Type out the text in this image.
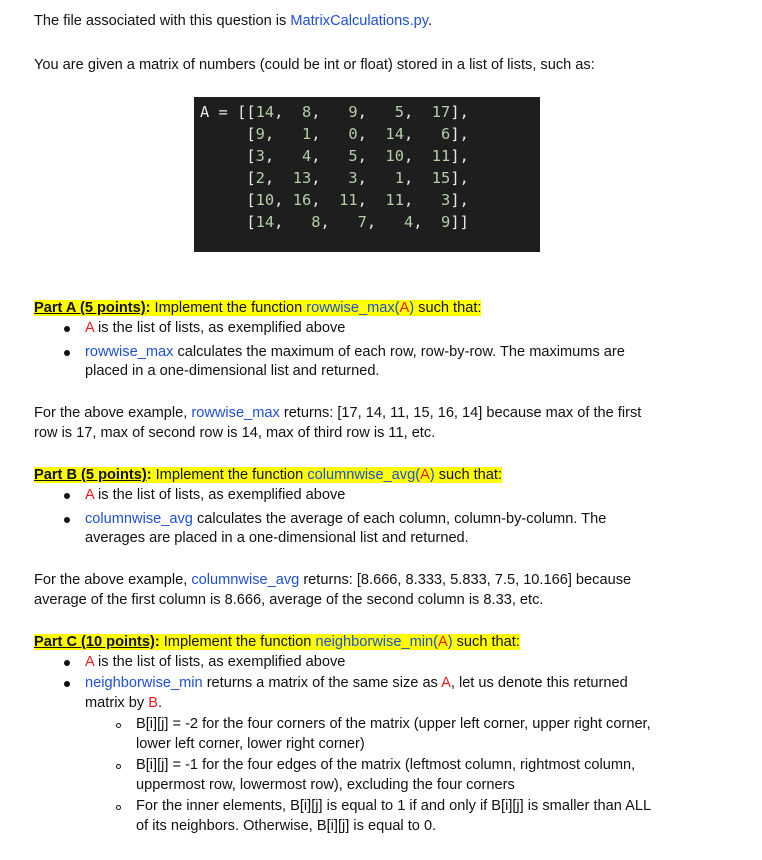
The file associated with this question is MatrixCalculations.py.
You are given a matrix of numbers (could be int or float) stored in a list of lists, such as:
A = [[14,  8,   9,   5,  17],
[9,   1,   0,  14,   6],
[3,   4,   5,  10,  11],
[2,  13,   3,   1,  15],
[10, 16,  11,  11,   3],
[14,   8,   7,   4,  9]]
Part A (5 points): Implement the function rowwise_max(A) such that:
A is the list of lists, as exemplified above
rowwise_max calculates the maximum of each row, row-by-row. The maximums are
placed in a one-dimensional list and returned.
For the above example, rowwise_max returns: [17, 14, 11, 15, 16, 14] because max of the first
row is 17, max of second row is 14, max of third row is 11, etc.
Part B (5 points): Implement the function columnwise_avg(A) such that:
A is the list of lists, as exemplified above
columnwise_avg calculates the average of each column, column-by-column. The
averages are placed in a one-dimensional list and returned.
For the above example, columnwise_avg returns: [8.666, 8.333, 5.833, 7.5, 10.166] because
average of the first column is 8.666, average of the second column is 8.33, etc.
Part C (10 points): Implement the function neighborwise_min(A) such that:
A is the list of lists, as exemplified above
neighborwise_min returns a matrix of the same size as A, let us denote this returned
matrix by B.
B[i][j] = -2 for the four corners of the matrix (upper left corner, upper right corner,
lower left corner, lower right corner)
B[i][j] = -1 for the four edges of the matrix (leftmost column, rightmost column,
uppermost row, lowermost row), excluding the four corners
For the inner elements, B[i][j] is equal to 1 if and only if B[i][j] is smaller than ALL
of its neighbors. Otherwise, B[i][j] is equal to 0.
